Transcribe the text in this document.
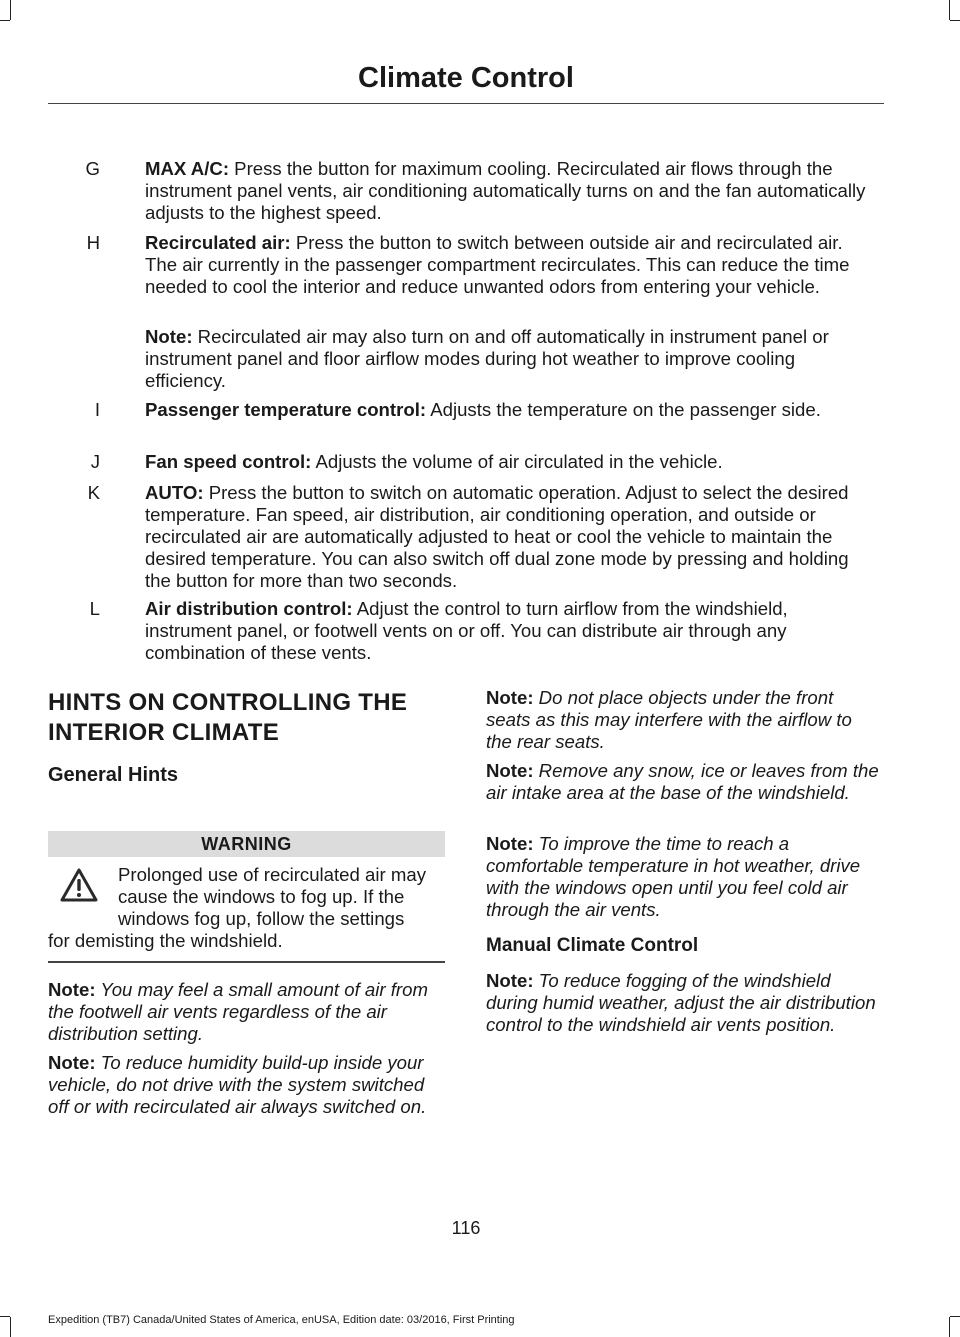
Climate Control
G MAX A/C: Press the button for maximum cooling. Recirculated air flows through the instrument panel vents, air conditioning automatically turns on and the fan automatically adjusts to the highest speed.
H Recirculated air: Press the button to switch between outside air and recirculated air. The air currently in the passenger compartment recirculates. This can reduce the time needed to cool the interior and reduce unwanted odors from entering your vehicle.
Note: Recirculated air may also turn on and off automatically in instrument panel or instrument panel and floor airflow modes during hot weather to improve cooling efficiency.
I Passenger temperature control: Adjusts the temperature on the passenger side.
J Fan speed control: Adjusts the volume of air circulated in the vehicle.
K AUTO: Press the button to switch on automatic operation. Adjust to select the desired temperature. Fan speed, air distribution, air conditioning operation, and outside or recirculated air are automatically adjusted to heat or cool the vehicle to maintain the desired temperature. You can also switch off dual zone mode by pressing and holding the button for more than two seconds.
L Air distribution control: Adjust the control to turn airflow from the windshield, instrument panel, or footwell vents on or off. You can distribute air through any combination of these vents.
HINTS ON CONTROLLING THE
INTERIOR CLIMATE
General Hints
WARNING
Prolonged use of recirculated air may
cause the windows to fog up. If the
windows fog up, follow the settings
for demisting the windshield.
Note: You may feel a small amount of air from the footwell air vents regardless of the air distribution setting.
Note: To reduce humidity build-up inside your vehicle, do not drive with the system switched off or with recirculated air always switched on.
Note: Do not place objects under the front seats as this may interfere with the airflow to the rear seats.
Note: Remove any snow, ice or leaves from the air intake area at the base of the windshield.
Note: To improve the time to reach a comfortable temperature in hot weather, drive with the windows open until you feel cold air through the air vents.
Manual Climate Control
Note: To reduce fogging of the windshield during humid weather, adjust the air distribution control to the windshield air vents position.
116
Expedition (TB7) Canada/United States of America, enUSA, Edition date: 03/2016, First Printing
